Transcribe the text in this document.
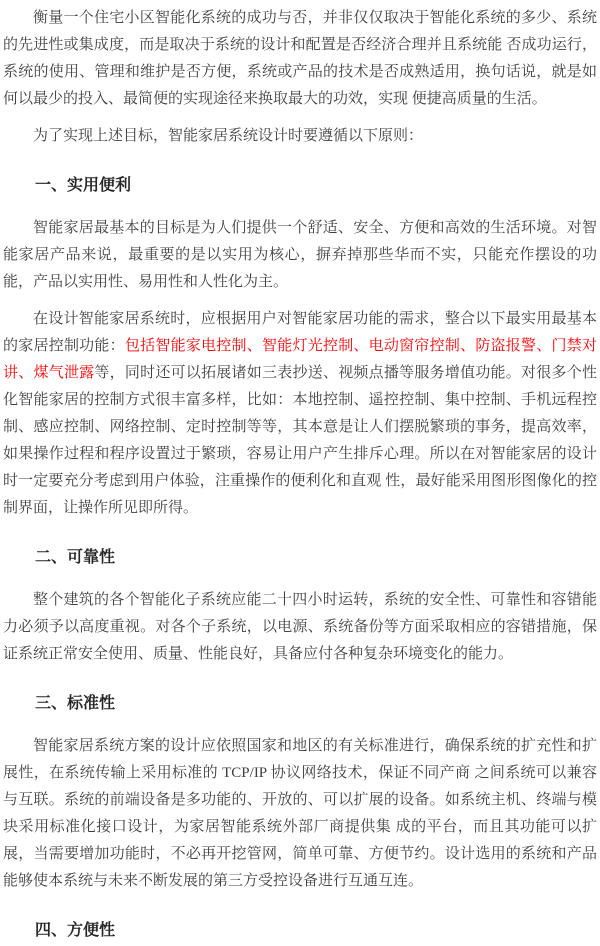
衡量一个住宅小区智能化系统的成功与否，并非仅仅取决于智能化系统的多少、系统的先进性或集成度，而是取决于系统的设计和配置是否经济合理并且系统能 否成功运行，系统的使用、管理和维护是否方便，系统或产品的技术是否成熟适用，换句话说，就是如何以最少的投入、最简便的实现途径来换取最大的功效，实现 便捷高质量的生活。

为了实现上述目标，智能家居系统设计时要遵循以下原则：

一、实用便利

智能家居最基本的目标是为人们提供一个舒适、安全、方便和高效的生活环境。对智能家居产品来说，最重要的是以实用为核心，摒弃掉那些华而不实，只能充作摆设的功能，产品以实用性、易用性和人性化为主。

在设计智能家居系统时，应根据用户对智能家居功能的需求，整合以下最实用最基本的家居控制功能：包括智能家电控制、智能灯光控制、电动窗帘控制、防盗报警、门禁对讲、煤气泄露等，同时还可以拓展诸如三表抄送、视频点播等服务增值功能。对很多个性化智能家居的控制方式很丰富多样，比如：本地控制、遥控控制、集中控制、手机远程控制、感应控制、网络控制、定时控制等等，其本意是让人们摆脱繁琐的事务，提高效率，如果操作过程和程序设置过于繁琐，容易让用户产生排斥心理。所以在对智能家居的设计时一定要充分考虑到用户体验，注重操作的便利化和直观 性，最好能采用图形图像化的控制界面，让操作所见即所得。

二、可靠性

整个建筑的各个智能化子系统应能二十四小时运转，系统的安全性、可靠性和容错能力必须予以高度重视。对各个子系统，以电源、系统备份等方面采取相应的容错措施，保证系统正常安全使用、质量、性能良好，具备应付各种复杂环境变化的能力。

三、标准性

智能家居系统方案的设计应依照国家和地区的有关标准进行，确保系统的扩充性和扩展性，在系统传输上采用标准的 TCP/IP 协议网络技术，保证不同产商 之间系统可以兼容与互联。系统的前端设备是多功能的、开放的、可以扩展的设备。如系统主机、终端与模块采用标准化接口设计，为家居智能系统外部厂商提供集 成的平台，而且其功能可以扩展，当需要增加功能时，不必再开挖管网，简单可靠、方便节约。设计选用的系统和产品能够使本系统与未来不断发展的第三方受控设备进行互通互连。

四、方便性
